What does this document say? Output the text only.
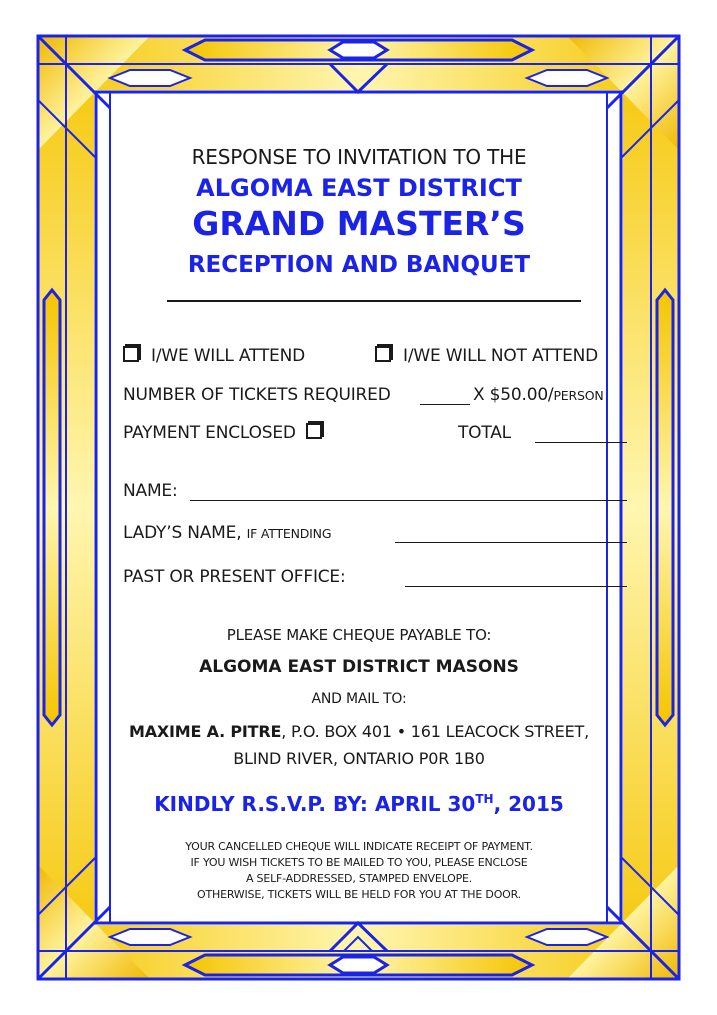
RESPONSE TO INVITATION TO THE
ALGOMA EAST DISTRICT
GRAND MASTER’S
RECEPTION AND BANQUET
I/WE WILL ATTEND	I/WE WILL NOT ATTEND
NUMBER OF TICKETS REQUIRED	X $50.00/PERSON
PAYMENT ENCLOSED	TOTAL
NAME:
LADY’S NAME, IF ATTENDING
PAST OR PRESENT OFFICE:
PLEASE MAKE CHEQUE PAYABLE TO:
ALGOMA EAST DISTRICT MASONS
AND MAIL TO:
MAXIME A. PITRE, P.O. BOX 401 • 161 LEACOCK STREET,
BLIND RIVER, ONTARIO P0R 1B0
KINDLY R.S.V.P. BY: APRIL 30TH, 2015
YOUR CANCELLED CHEQUE WILL INDICATE RECEIPT OF PAYMENT.
IF YOU WISH TICKETS TO BE MAILED TO YOU, PLEASE ENCLOSE
A SELF-ADDRESSED, STAMPED ENVELOPE.
OTHERWISE, TICKETS WILL BE HELD FOR YOU AT THE DOOR.
